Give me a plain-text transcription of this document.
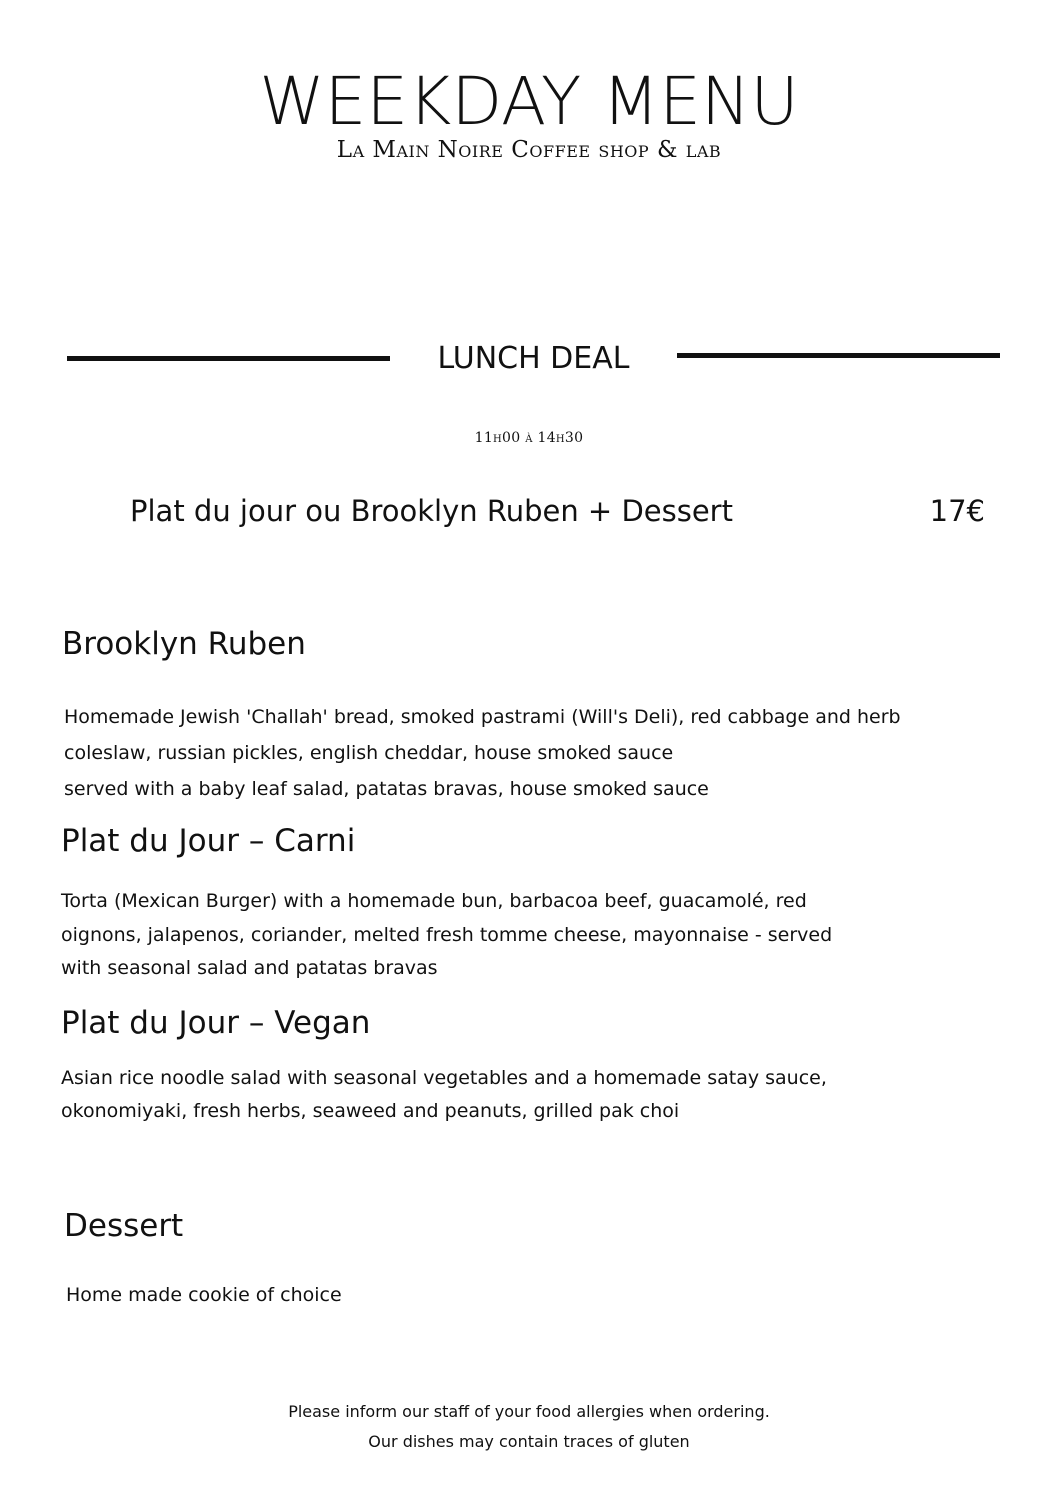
WEEKDAY MENU
La Main Noire Coffee shop & lab
LUNCH DEAL
11h00 à 14h30
Plat du jour ou Brooklyn Ruben + Dessert	17€
Brooklyn Ruben
Homemade Jewish 'Challah' bread, smoked pastrami (Will's Deli), red cabbage and herb
coleslaw, russian pickles, english cheddar, house smoked sauce
served with a baby leaf salad, patatas bravas, house smoked sauce
Plat du Jour – Carni
Torta (Mexican Burger) with a homemade bun, barbacoa beef, guacamolé, red
oignons, jalapenos, coriander, melted fresh tomme cheese, mayonnaise - served
with seasonal salad and patatas bravas
Plat du Jour – Vegan
Asian rice noodle salad with seasonal vegetables and a homemade satay sauce,
okonomiyaki, fresh herbs, seaweed and peanuts, grilled pak choi
Dessert
Home made cookie of choice
Please inform our staff of your food allergies when ordering.
Our dishes may contain traces of gluten
